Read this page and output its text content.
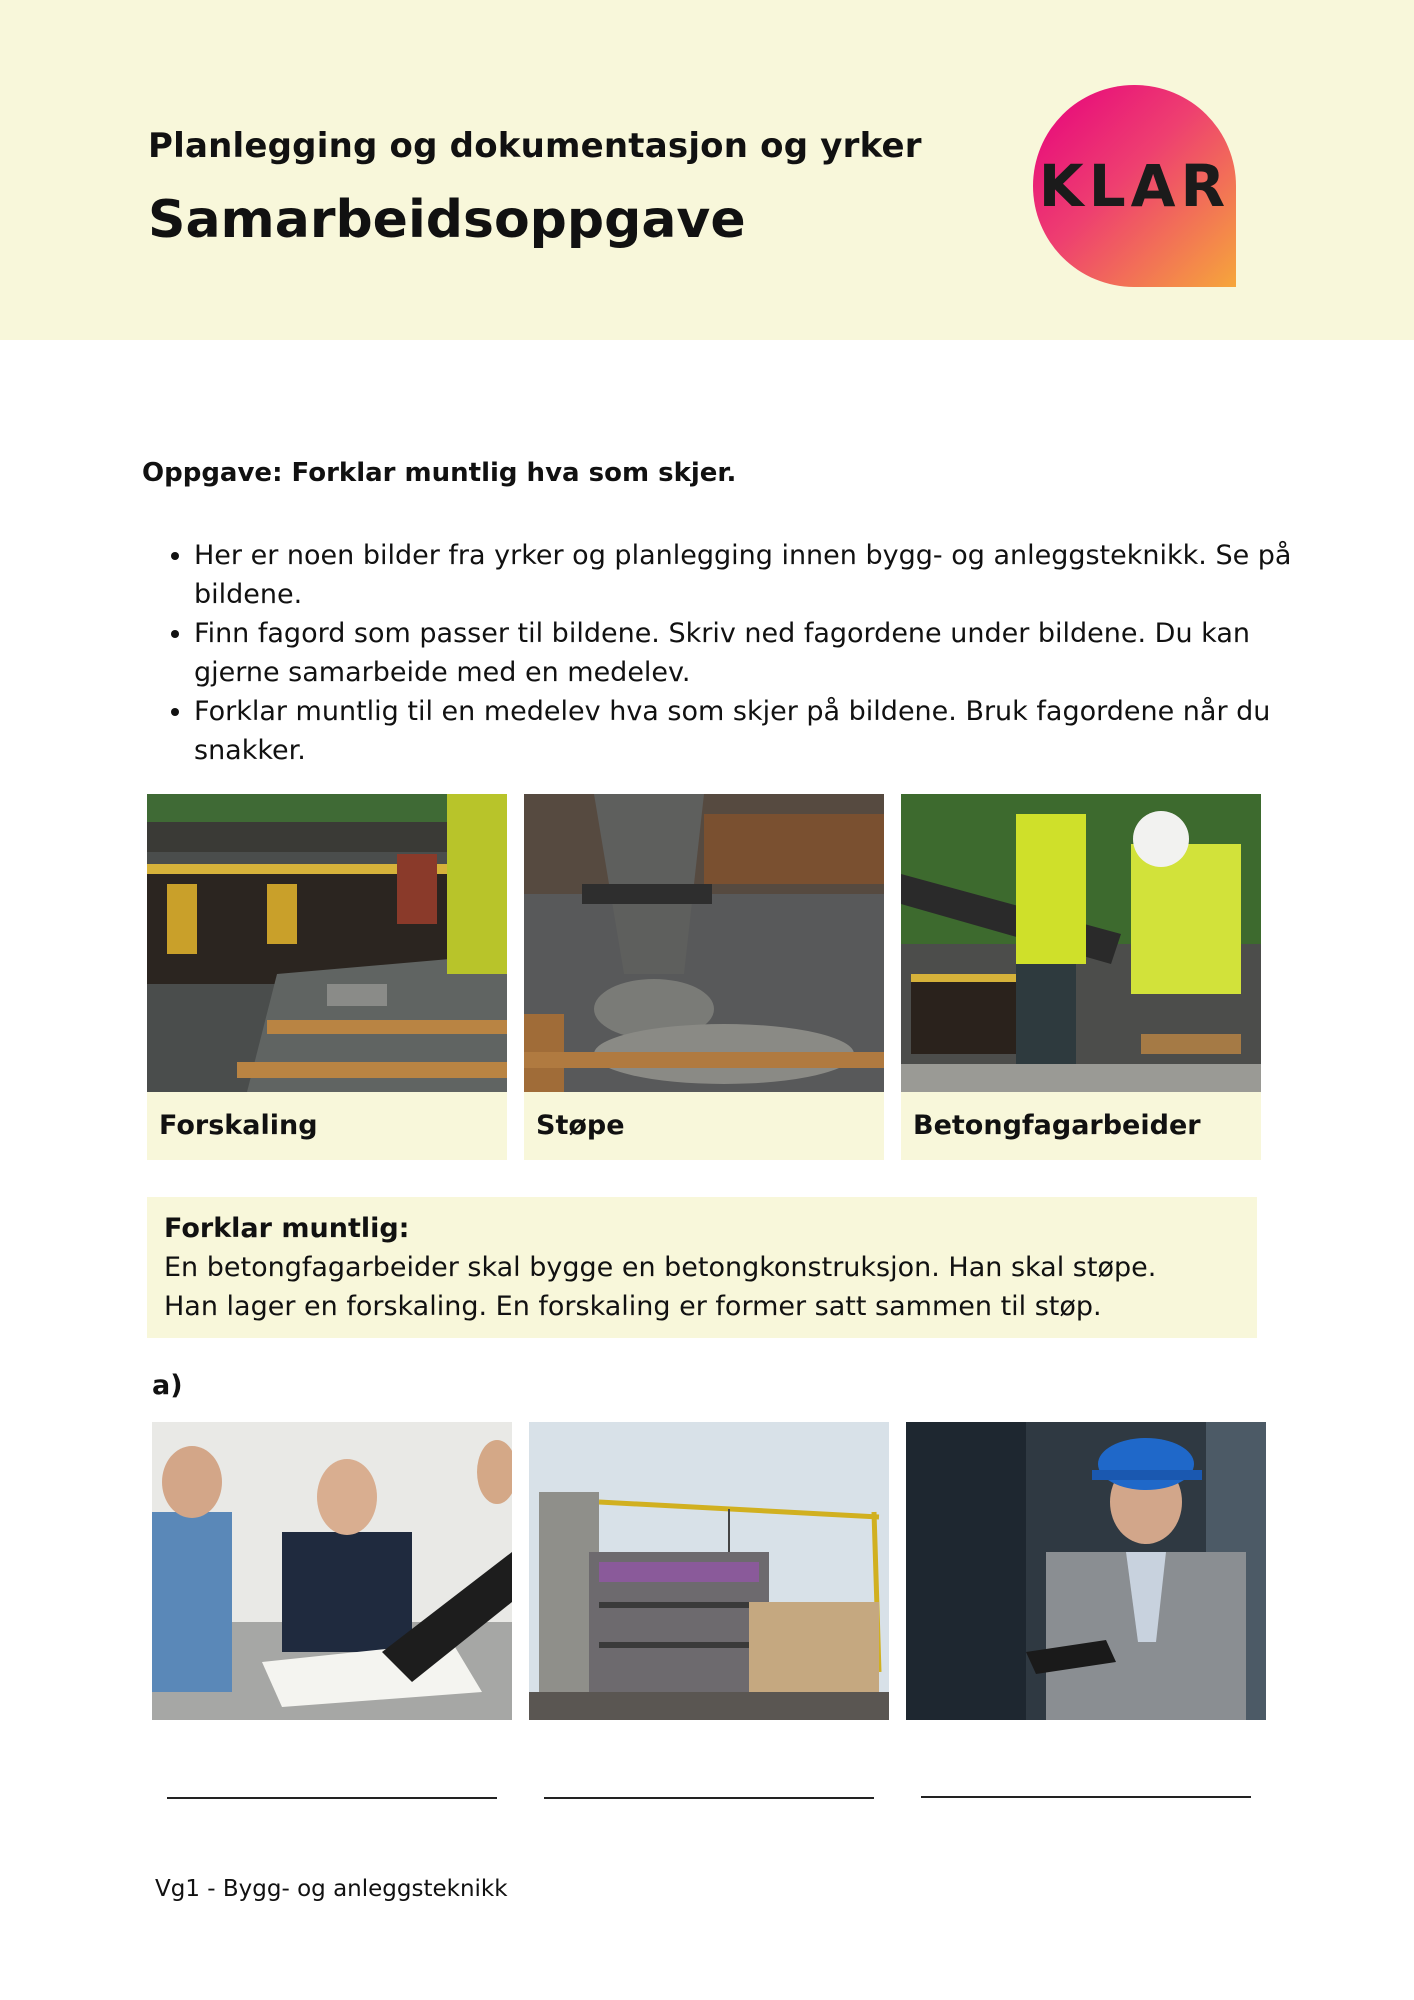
Planlegging og dokumentasjon og yrker
Samarbeidsoppgave	KLAR
Oppgave: Forklar muntlig hva som skjer.
• Her er noen bilder fra yrker og planlegging innen bygg- og anleggsteknikk. Se på bildene.
• Finn fagord som passer til bildene. Skriv ned fagordene under bildene. Du kan gjerne samarbeide med en medelev.
• Forklar muntlig til en medelev hva som skjer på bildene. Bruk fagordene når du snakker.
Forskaling	Støpe	Betongfagarbeider
Forklar muntlig:
En betongfagarbeider skal bygge en betongkonstruksjon. Han skal støpe.
Han lager en forskaling. En forskaling er former satt sammen til støp.
a)
Vg1 - Bygg- og anleggsteknikk
